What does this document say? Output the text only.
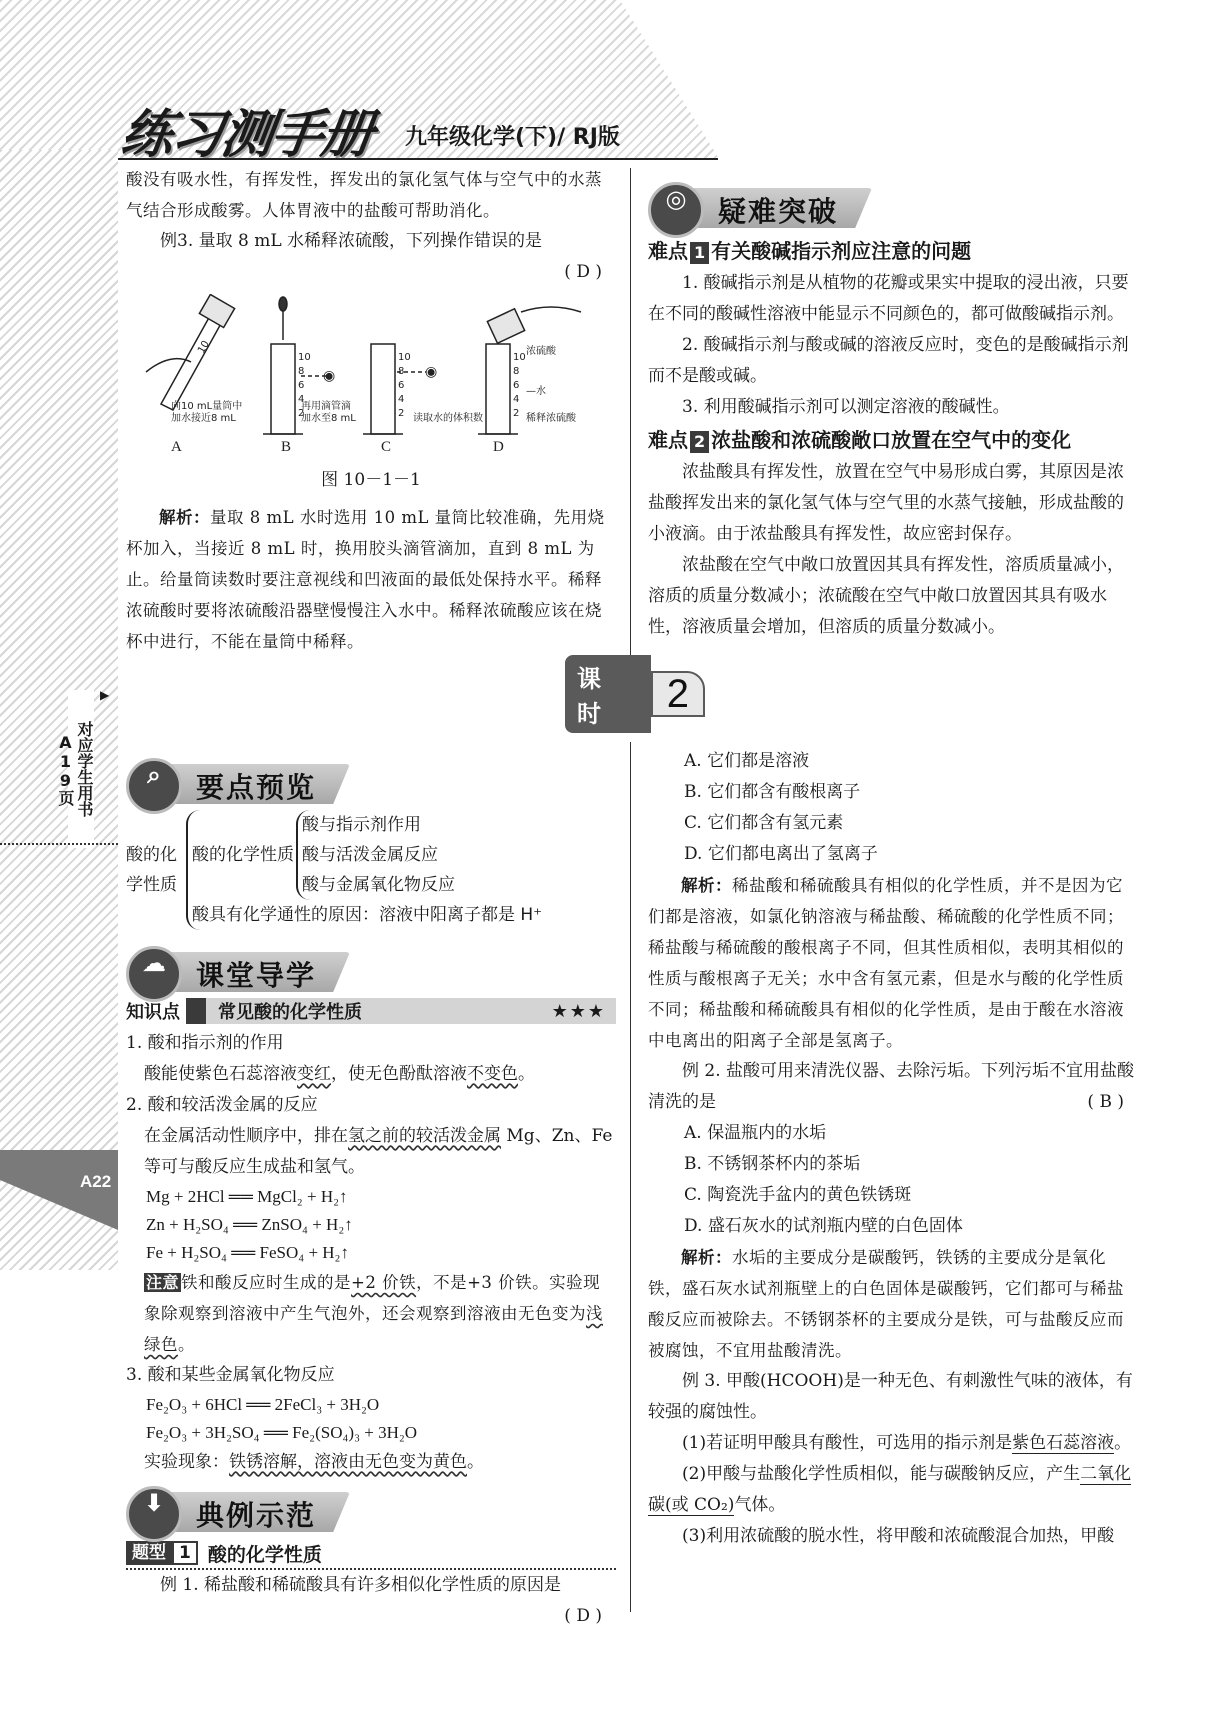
A22
▶
对应学生用书A19页
练习测手册 九年级化学(下)/ RJ版

酸没有吸水性，有挥发性，挥发出的氯化氢气体与空气中的水蒸气结合形成酸雾。人体胃液中的盐酸可帮助消化。

例3. 量取 8 mL 水稀释浓硫酸，下列操作错误的是

( D )

◉	◉
10
8
6
4
2
10
8
6
4
2
10
8
6
4
2
10
向10 mL量筒中
加水接近8 mL
再用滴管滴
加水至8 mL	读取水的体积数
浓硫酸
—水
稀释浓硫酸
A	B	C	D
图 10－1－1

解析：量取 8 mL 水时选用 10 mL 量筒比较准确，先用烧杯加入，当接近 8 mL 时，换用胶头滴管滴加，直到 8 mL 为止。给量筒读数时要注意视线和凹液面的最低处保持水平。稀释浓硫酸时要将浓硫酸沿器壁慢慢注入水中。稀释浓硫酸应该在烧杯中进行，不能在量筒中稀释。

◎	疑难突破
难点 1 有关酸碱指示剂应注意的问题

1. 酸碱指示剂是从植物的花瓣或果实中提取的浸出液，只要在不同的酸碱性溶液中能显示不同颜色的，都可做酸碱指示剂。

2. 酸碱指示剂与酸或碱的溶液反应时，变色的是酸碱指示剂而不是酸或碱。

3. 利用酸碱指示剂可以测定溶液的酸碱性。

难点 2 浓盐酸和浓硫酸敞口放置在空气中的变化

浓盐酸具有挥发性，放置在空气中易形成白雾，其原因是浓盐酸挥发出来的氯化氢气体与空气里的水蒸气接触，形成盐酸的小液滴。由于浓盐酸具有挥发性，故应密封保存。

浓盐酸在空气中敞口放置因其具有挥发性，溶质质量减小，溶质的质量分数减小；浓硫酸在空气中敞口放置因其具有吸水性，溶液质量会增加，但溶质的质量分数减小。

课时	2
⌕	要点预览
酸的化学性质
酸的化学性质
酸与指示剂作用
酸与活泼金属反应
酸与金属氧化物反应
酸具有化学通性的原因：溶液中阳离子都是 H⁺
☁	课堂导学
知识点	常见酸的化学性质	★★★

1. 酸和指示剂的作用

酸能使紫色石蕊溶液变红，使无色酚酞溶液不变色。

2. 酸和较活泼金属的反应

在金属活动性顺序中，排在氢之前的较活泼金属 Mg、Zn、Fe 等可与酸反应生成盐和氢气。

Mg + 2HCl ══ MgCl₂ + H₂↑
Zn + H₂SO₄ ══ ZnSO₄ + H₂↑
Fe + H₂SO₄ ══ FeSO₄ + H₂↑

注意 铁和酸反应时生成的是+2 价铁，不是+3 价铁。实验现象除观察到溶液中产生气泡外，还会观察到溶液由无色变为浅绿色。

3. 酸和某些金属氧化物反应

Fe₂O₃ + 6HCl ══ 2FeCl₃ + 3H₂O
Fe₂O₃ + 3H₂SO₄ ══ Fe₂(SO₄)₃ + 3H₂O

实验现象：铁锈溶解，溶液由无色变为黄色。

⬇	典例示范
题型 1 酸的化学性质

例 1. 稀盐酸和稀硫酸具有许多相似化学性质的原因是

( D )

A. 它们都是溶液

B. 它们都含有酸根离子

C. 它们都含有氢元素

D. 它们都电离出了氢离子

解析：稀盐酸和稀硫酸具有相似的化学性质，并不是因为它们都是溶液，如氯化钠溶液与稀盐酸、稀硫酸的化学性质不同；稀盐酸与稀硫酸的酸根离子不同，但其性质相似，表明其相似的性质与酸根离子无关；水中含有氢元素，但是水与酸的化学性质不同；稀盐酸和稀硫酸具有相似的化学性质，是由于酸在水溶液中电离出的阳离子全部是氢离子。

例 2. 盐酸可用来清洗仪器、去除污垢。下列污垢不宜用盐酸清洗的是	( B )

A. 保温瓶内的水垢

B. 不锈钢茶杯内的茶垢

C. 陶瓷洗手盆内的黄色铁锈斑

D. 盛石灰水的试剂瓶内壁的白色固体

解析：水垢的主要成分是碳酸钙，铁锈的主要成分是氧化铁，盛石灰水试剂瓶壁上的白色固体是碳酸钙，它们都可与稀盐酸反应而被除去。不锈钢茶杯的主要成分是铁，可与盐酸反应而被腐蚀，不宜用盐酸清洗。

例 3. 甲酸(HCOOH)是一种无色、有刺激性气味的液体，有较强的腐蚀性。

(1)若证明甲酸具有酸性，可选用的指示剂是紫色石蕊溶液。

(2)甲酸与盐酸化学性质相似，能与碳酸钠反应，产生二氧化碳(或 CO₂)气体。

(3)利用浓硫酸的脱水性，将甲酸和浓硫酸混合加热，甲酸
